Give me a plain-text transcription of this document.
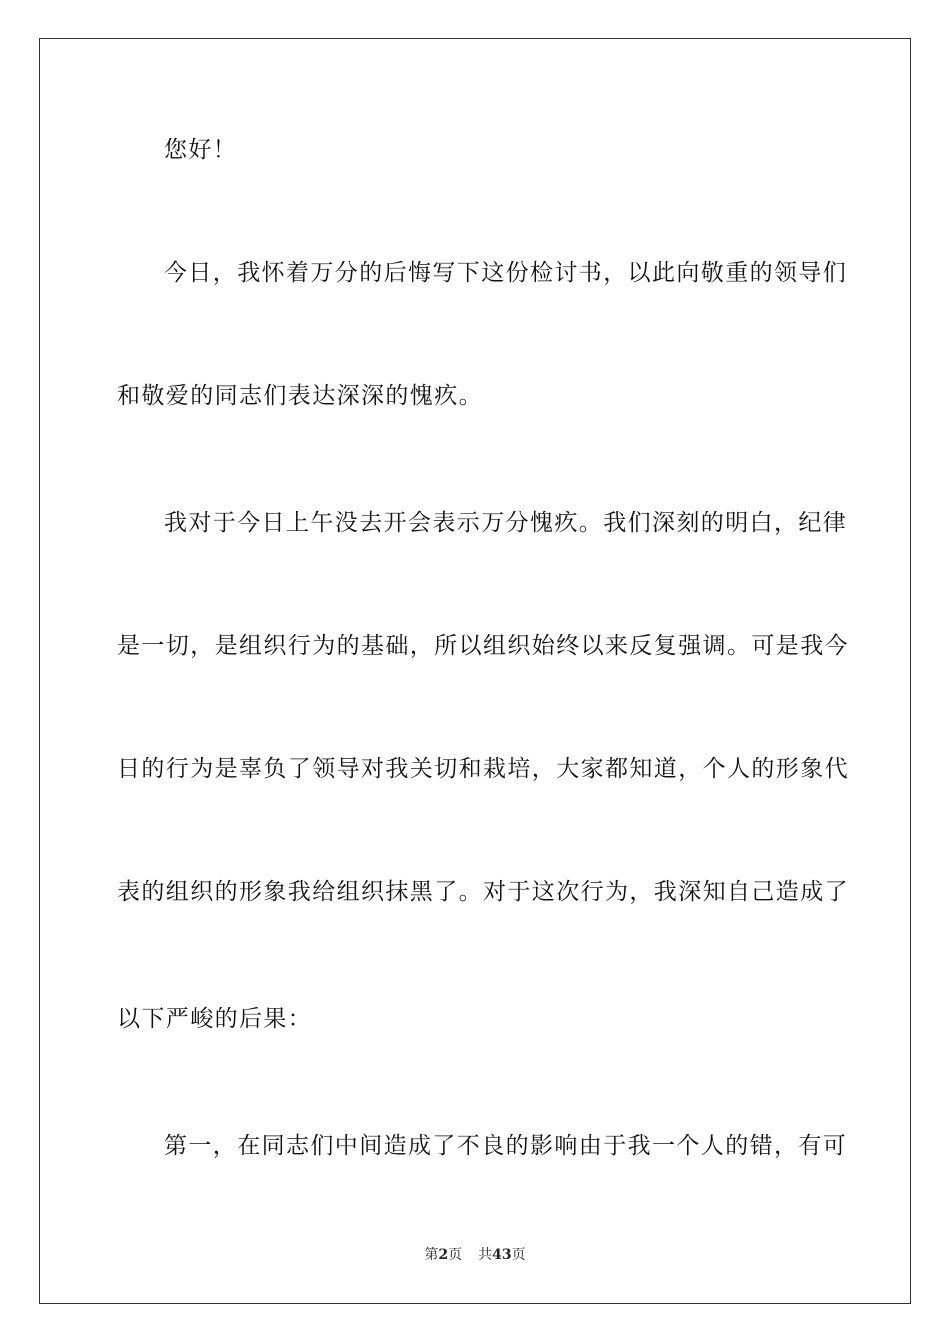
您好！
今日，我怀着万分的后悔写下这份检讨书，以此向敬重的领导们
和敬爱的同志们表达深深的愧疚。
我对于今日上午没去开会表示万分愧疚。我们深刻的明白，纪律
是一切，是组织行为的基础，所以组织始终以来反复强调。可是我今
日的行为是辜负了领导对我关切和栽培，大家都知道，个人的形象代
表的组织的形象我给组织抹黑了。对于这次行为，我深知自己造成了
以下严峻的后果：
第一，在同志们中间造成了不良的影响由于我一个人的错，有可
第2页 共43页
